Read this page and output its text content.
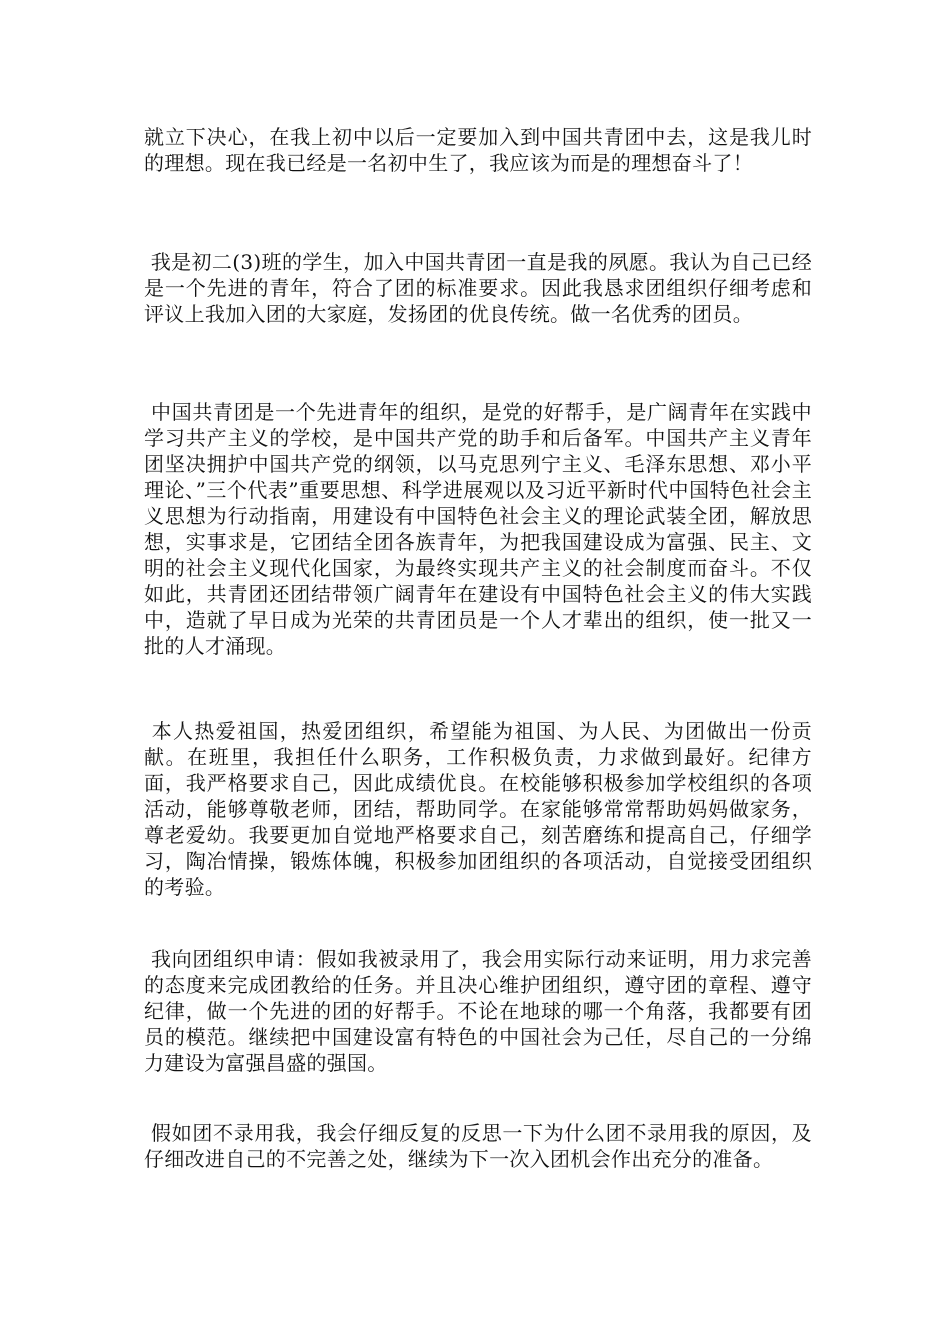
就立下决心，在我上初中以后一定要加入到中国共青团中去，这是我儿时的理想。现在我已经是一名初中生了，我应该为而是的理想奋斗了！

我是初二(3)班的学生，加入中国共青团一直是我的夙愿。我认为自己已经是一个先进的青年，符合了团的标准要求。因此我恳求团组织仔细考虑和评议上我加入团的大家庭，发扬团的优良传统。做一名优秀的团员。

中国共青团是一个先进青年的组织，是党的好帮手，是广阔青年在实践中学习共产主义的学校，是中国共产党的助手和后备军。中国共产主义青年团坚决拥护中国共产党的纲领，以马克思列宁主义、毛泽东思想、邓小平理论、”三个代表”重要思想、科学进展观以及习近平新时代中国特色社会主义思想为行动指南，用建设有中国特色社会主义的理论武装全团，解放思想，实事求是，它团结全团各族青年，为把我国建设成为富强、民主、文明的社会主义现代化国家，为最终实现共产主义的社会制度而奋斗。不仅如此，共青团还团结带领广阔青年在建设有中国特色社会主义的伟大实践中，造就了早日成为光荣的共青团员是一个人才辈出的组织，使一批又一批的人才涌现。

本人热爱祖国，热爱团组织，希望能为祖国、为人民、为团做出一份贡献。在班里，我担任什么职务，工作积极负责，力求做到最好。纪律方面，我严格要求自己，因此成绩优良。在校能够积极参加学校组织的各项活动，能够尊敬老师，团结，帮助同学。在家能够常常帮助妈妈做家务，尊老爱幼。我要更加自觉地严格要求自己，刻苦磨练和提高自己，仔细学习，陶冶情操，锻炼体魄，积极参加团组织的各项活动，自觉接受团组织的考验。

我向团组织申请：假如我被录用了，我会用实际行动来证明，用力求完善的态度来完成团教给的任务。并且决心维护团组织，遵守团的章程、遵守纪律，做一个先进的团的好帮手。不论在地球的哪一个角落，我都要有团员的模范。继续把中国建设富有特色的中国社会为己任，尽自己的一分绵力建设为富强昌盛的强国。

假如团不录用我，我会仔细反复的反思一下为什么团不录用我的原因，及仔细改进自己的不完善之处，继续为下一次入团机会作出充分的准备。
